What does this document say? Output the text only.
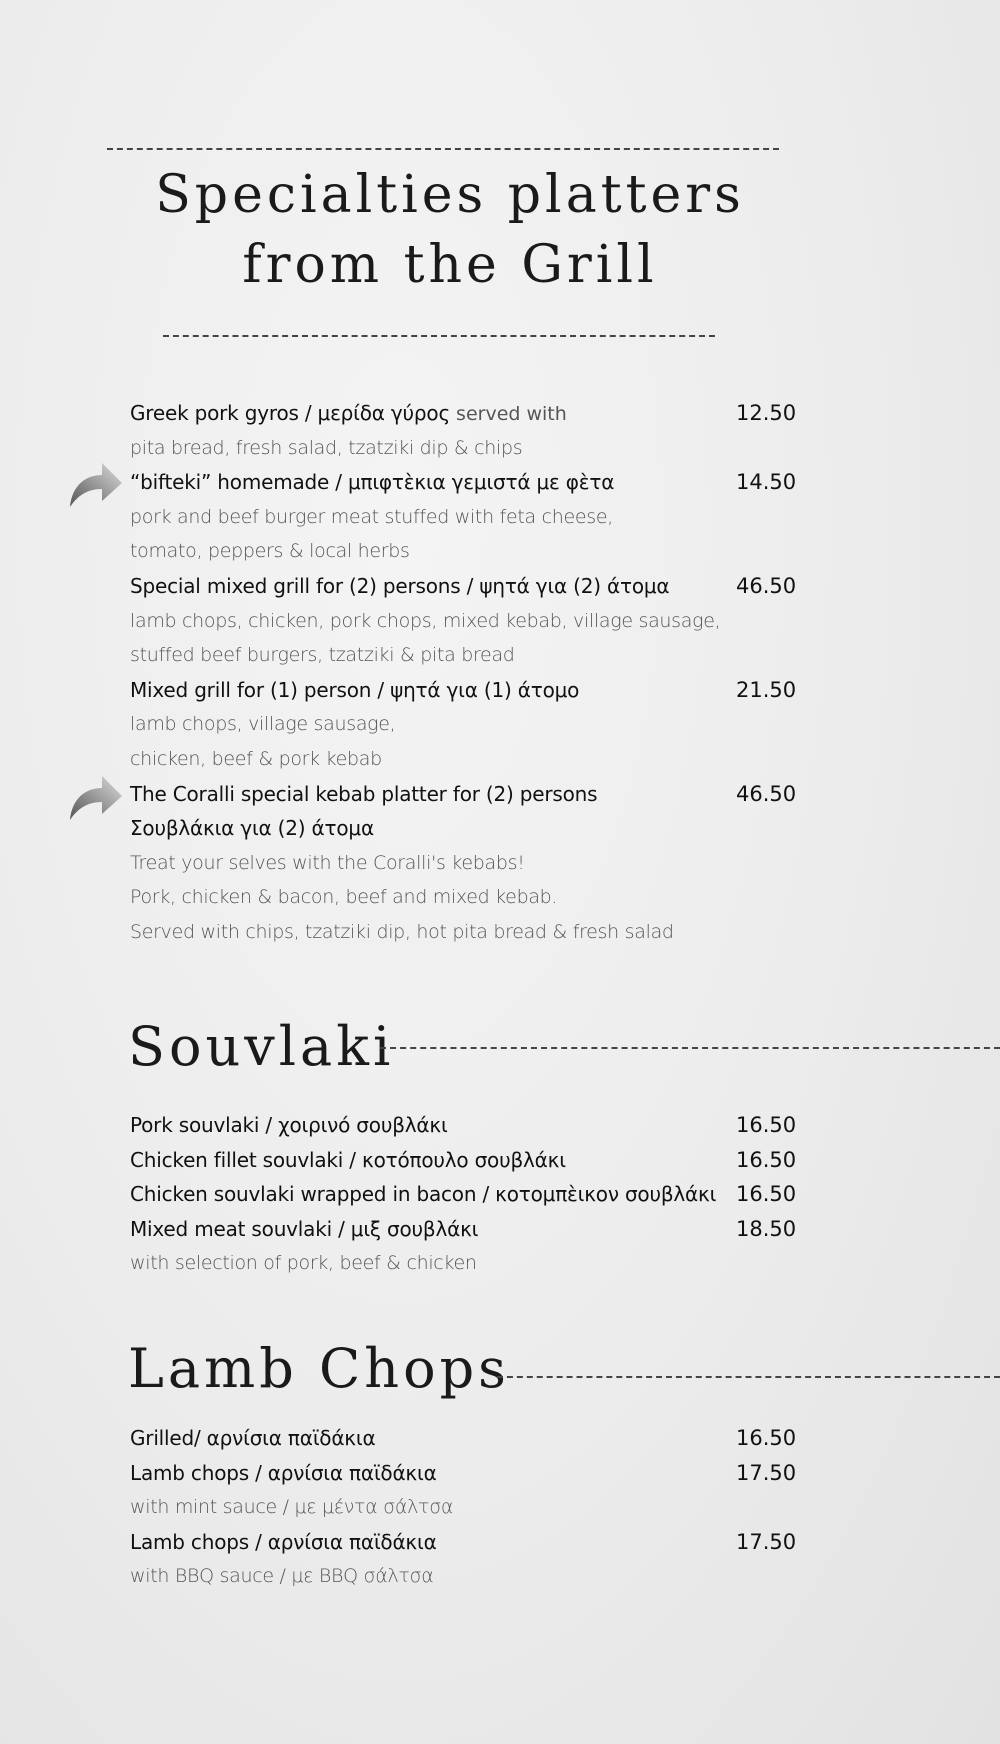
Specialties platters
from the Grill
Greek pork gyros / μερίδα γύρος served with	12.50
pita bread, fresh salad, tzatziki dip & chips
“bifteki” homemade / μπιφτὲκια γεμιστά με φὲτα	14.50
pork and beef burger meat stuffed with feta cheese,
tomato, peppers & local herbs
Special mixed grill for (2) persons / ψητά για (2) άτομα	46.50
lamb chops, chicken, pork chops, mixed kebab, village sausage,
stuffed beef burgers, tzatziki & pita bread
Mixed grill for (1) person / ψητά για (1) άτομο	21.50
lamb chops, village sausage,
chicken, beef & pork kebab
The Coralli special kebab platter for (2) persons	46.50
Σουβλάκια για (2) άτομα
Treat your selves with the Coralli's kebabs!
Pork, chicken & bacon, beef and mixed kebab.
Served with chips, tzatziki dip, hot pita bread & fresh salad
Souvlaki
Pork souvlaki / χοιρινό σουβλάκι	16.50
Chicken fillet souvlaki / κοτόπουλο σουβλάκι	16.50
Chicken souvlaki wrapped in bacon / κοτομπὲικον σουβλάκι 16.50
Mixed meat souvlaki / μιξ σουβλάκι	18.50
with selection of pork, beef & chicken
Lamb Chops
Grilled/ αρνίσια παϊδάκια	16.50
Lamb chops / αρνίσια παϊδάκια	17.50
with mint sauce / με μέντα σάλτσα
Lamb chops / αρνίσια παϊδάκια	17.50
with BBQ sauce / με BBQ σάλτσα
